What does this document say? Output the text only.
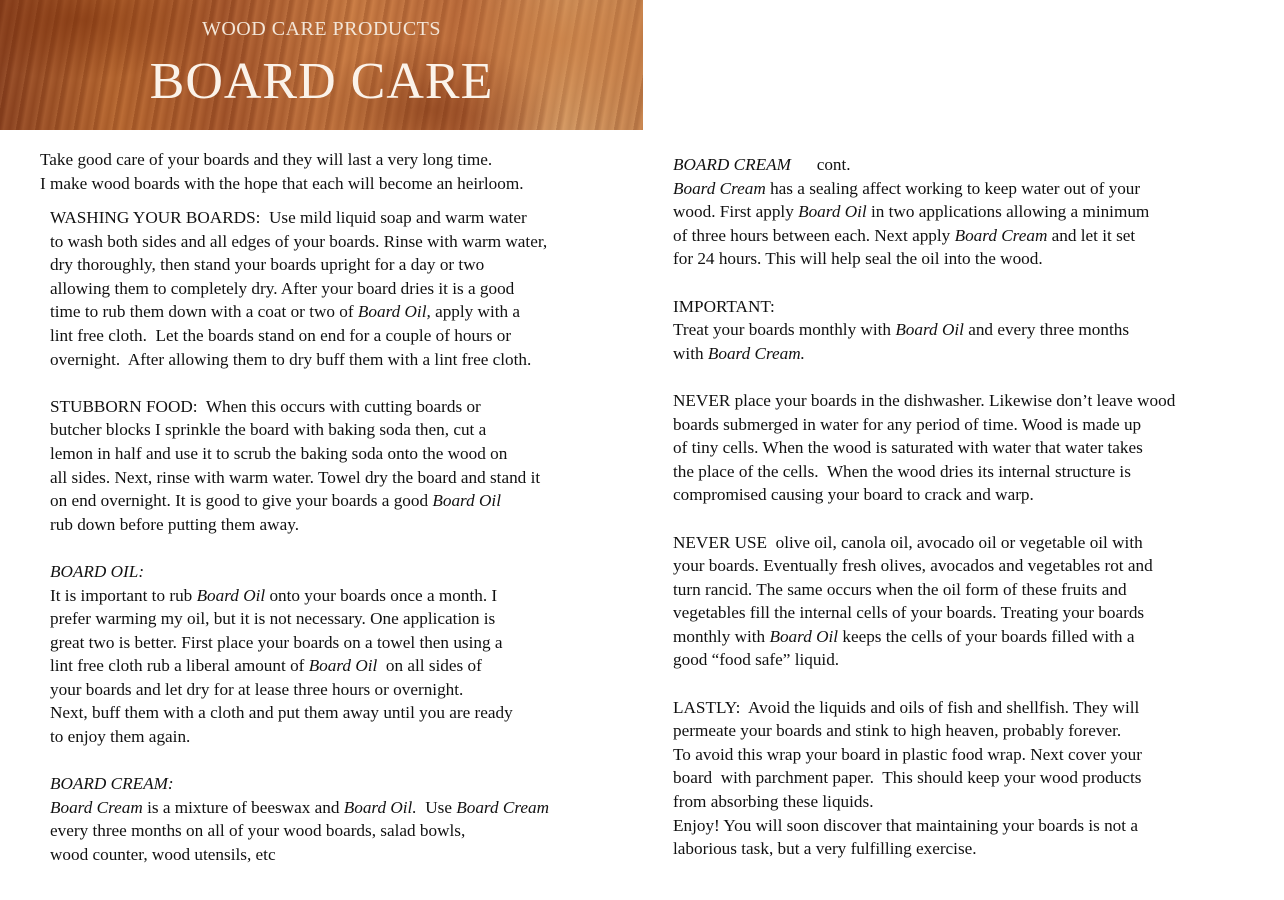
WOOD CARE PRODUCTS
BOARD CARE
Take good care of your boards and they will last a very long time.
I make wood boards with the hope that each will become an heirloom.
WASHING YOUR BOARDS:  Use mild liquid soap and warm water
to wash both sides and all edges of your boards. Rinse with warm water,
dry thoroughly, then stand your boards upright for a day or two
allowing them to completely dry. After your board dries it is a good
time to rub them down with a coat or two of Board Oil, apply with a
lint free cloth.  Let the boards stand on end for a couple of hours or
overnight.  After allowing them to dry buff them with a lint free cloth.
STUBBORN FOOD:  When this occurs with cutting boards or
butcher blocks I sprinkle the board with baking soda then, cut a
lemon in half and use it to scrub the baking soda onto the wood on
all sides. Next, rinse with warm water. Towel dry the board and stand it
on end overnight. It is good to give your boards a good Board Oil
rub down before putting them away.
BOARD OIL:
It is important to rub Board Oil onto your boards once a month. I
prefer warming my oil, but it is not necessary. One application is
great two is better. First place your boards on a towel then using a
lint free cloth rub a liberal amount of Board Oil  on all sides of
your boards and let dry for at lease three hours or overnight.
Next, buff them with a cloth and put them away until you are ready
to enjoy them again.
BOARD CREAM:
Board Cream is a mixture of beeswax and Board Oil.  Use Board Cream
every three months on all of your wood boards, salad bowls,
wood counter, wood utensils, etc
BOARD CREAM      cont.
Board Cream has a sealing affect working to keep water out of your
wood. First apply Board Oil in two applications allowing a minimum
of three hours between each. Next apply Board Cream and let it set
for 24 hours. This will help seal the oil into the wood.
IMPORTANT:
Treat your boards monthly with Board Oil and every three months
with Board Cream.
NEVER place your boards in the dishwasher. Likewise don’t leave wood
boards submerged in water for any period of time. Wood is made up
of tiny cells. When the wood is saturated with water that water takes
the place of the cells.  When the wood dries its internal structure is
compromised causing your board to crack and warp.
NEVER USE  olive oil, canola oil, avocado oil or vegetable oil with
your boards. Eventually fresh olives, avocados and vegetables rot and
turn rancid. The same occurs when the oil form of these fruits and
vegetables fill the internal cells of your boards. Treating your boards
monthly with Board Oil keeps the cells of your boards filled with a
good “food safe” liquid.
LASTLY:  Avoid the liquids and oils of fish and shellfish. They will
permeate your boards and stink to high heaven, probably forever.
To avoid this wrap your board in plastic food wrap. Next cover your
board  with parchment paper.  This should keep your wood products
from absorbing these liquids.
Enjoy! You will soon discover that maintaining your boards is not a
laborious task, but a very fulfilling exercise.
